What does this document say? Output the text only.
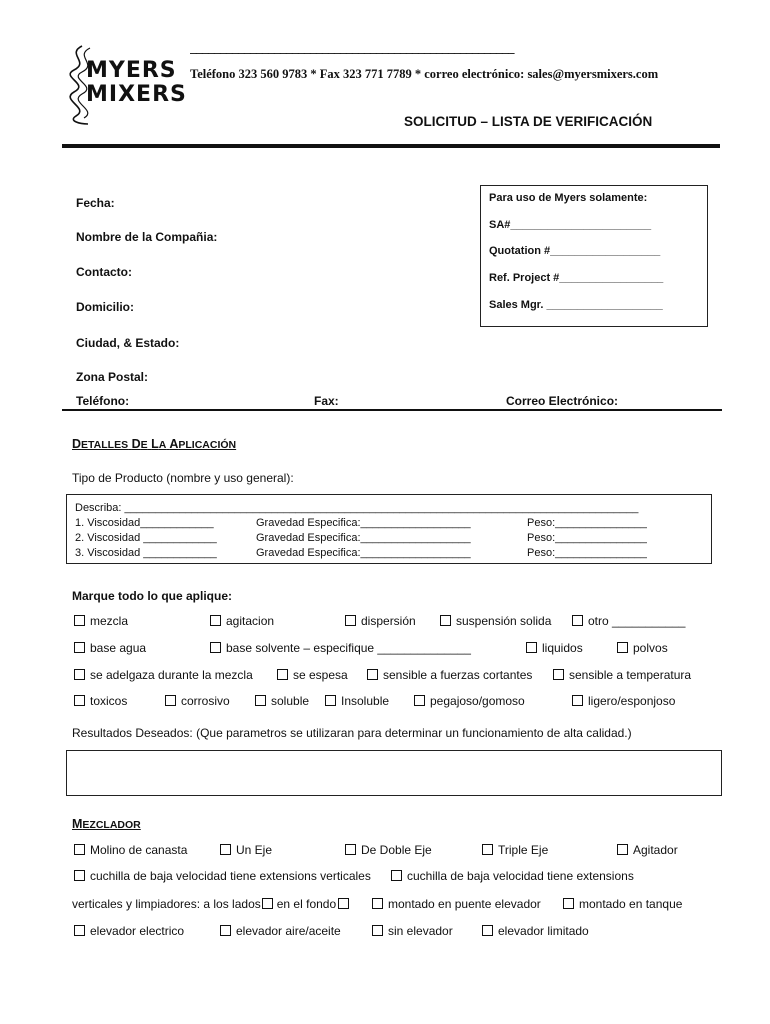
MYERS
MIXERS
______________________________________________________
Teléfono 323 560 9783 * Fax 323 771 7789 * correo electrónico: sales@myersmixers.com
SOLICITUD – LISTA DE VERIFICACIÓN
Fecha:
Nombre de la Compañia:
Contacto:
Domicilio:
Ciudad, & Estado:
Zona Postal:
Teléfono:	Fax:	Correo Electrónico:
Para uso de Myers solamente:
SA#_______________________
Quotation #__________________
Ref. Project #_________________
Sales Mgr. ___________________
DETALLES DE LA APLICACIÓN
Tipo de Producto (nombre y uso general):
Describa: ____________________________________________________________________________________
1. Viscosidad____________	Gravedad Especifica:__________________	Peso:_______________
2. Viscosidad ____________	Gravedad Especifica:__________________	Peso:_______________
3. Viscosidad ____________	Gravedad Especifica:__________________	Peso:_______________
Marque todo lo que aplique:
mezcla	agitacion	dispersión	suspensión solida	otro ___________
base agua	base solvente – especifique ______________	liquidos	polvos
se adelgaza durante la mezcla	se espesa	sensible a fuerzas cortantes	sensible a temperatura
toxicos	corrosivo	soluble	Insoluble	pegajoso/gomoso	ligero/esponjoso
Resultados Deseados: (Que parametros se utilizaran para determinar un funcionamiento de alta calidad.)
MEZCLADOR
Molino de canasta	Un Eje	De Doble Eje	Triple Eje	Agitador
cuchilla de baja velocidad tiene extensions verticales	cuchilla de baja velocidad tiene extensions
verticales y limpiadores: a los lados en el fondo	montado en puente elevador	montado en tanque
elevador electrico	elevador aire/aceite	sin elevador	elevador limitado
